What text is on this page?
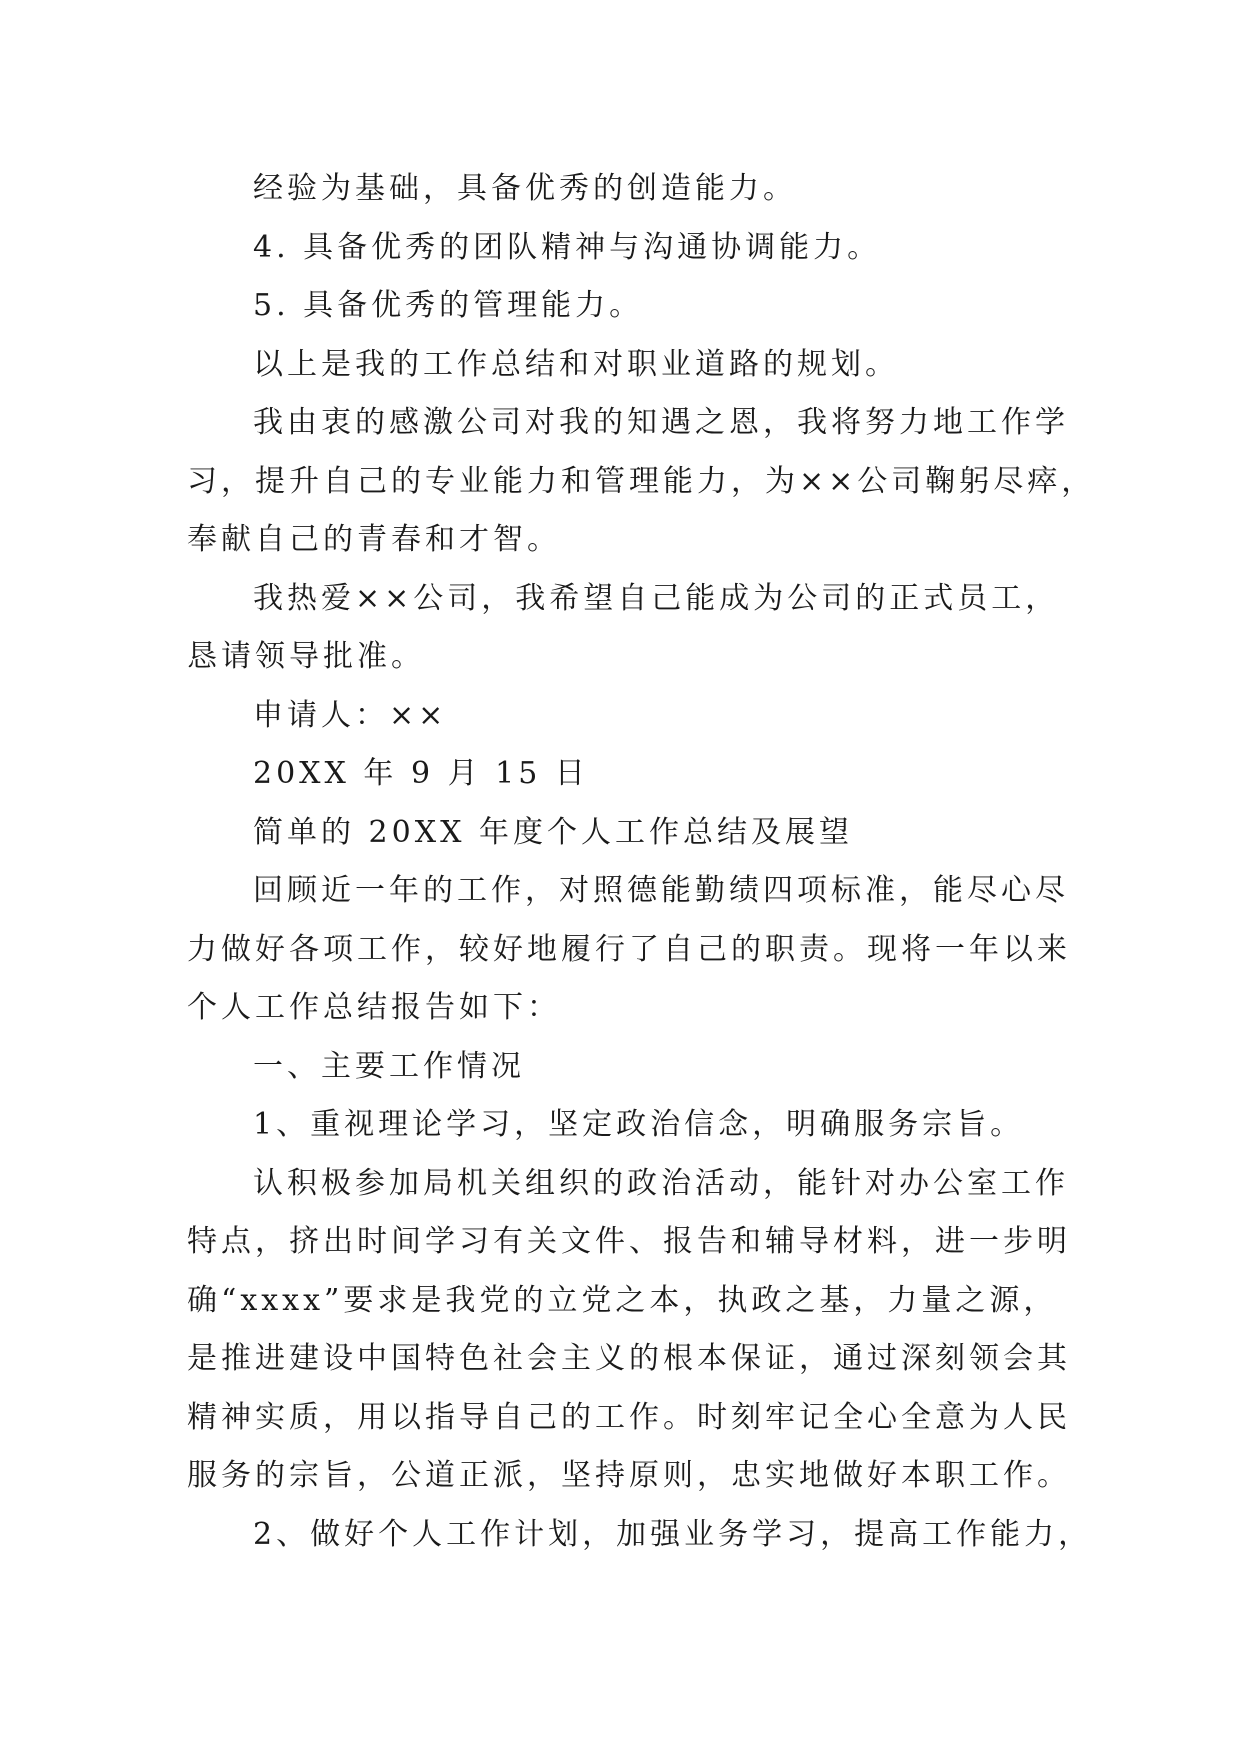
经验为基础，具备优秀的创造能力。
4. 具备优秀的团队精神与沟通协调能力。
5. 具备优秀的管理能力。
以上是我的工作总结和对职业道路的规划。
我由衷的感激公司对我的知遇之恩，我将努力地工作学
习，提升自己的专业能力和管理能力，为××公司鞠躬尽瘁，
奉献自己的青春和才智。
我热爱××公司，我希望自己能成为公司的正式员工，
恳请领导批准。
申请人：××
20XX 年 9 月 15 日
简单的 20XX 年度个人工作总结及展望
回顾近一年的工作，对照德能勤绩四项标准，能尽心尽
力做好各项工作，较好地履行了自己的职责。现将一年以来
个人工作总结报告如下：
一、主要工作情况
1、重视理论学习，坚定政治信念，明确服务宗旨。
认积极参加局机关组织的政治活动，能针对办公室工作
特点，挤出时间学习有关文件、报告和辅导材料，进一步明
确“xxxx”要求是我党的立党之本，执政之基，力量之源，
是推进建设中国特色社会主义的根本保证，通过深刻领会其
精神实质，用以指导自己的工作。时刻牢记全心全意为人民
服务的宗旨，公道正派，坚持原则，忠实地做好本职工作。
2、做好个人工作计划，加强业务学习，提高工作能力，
